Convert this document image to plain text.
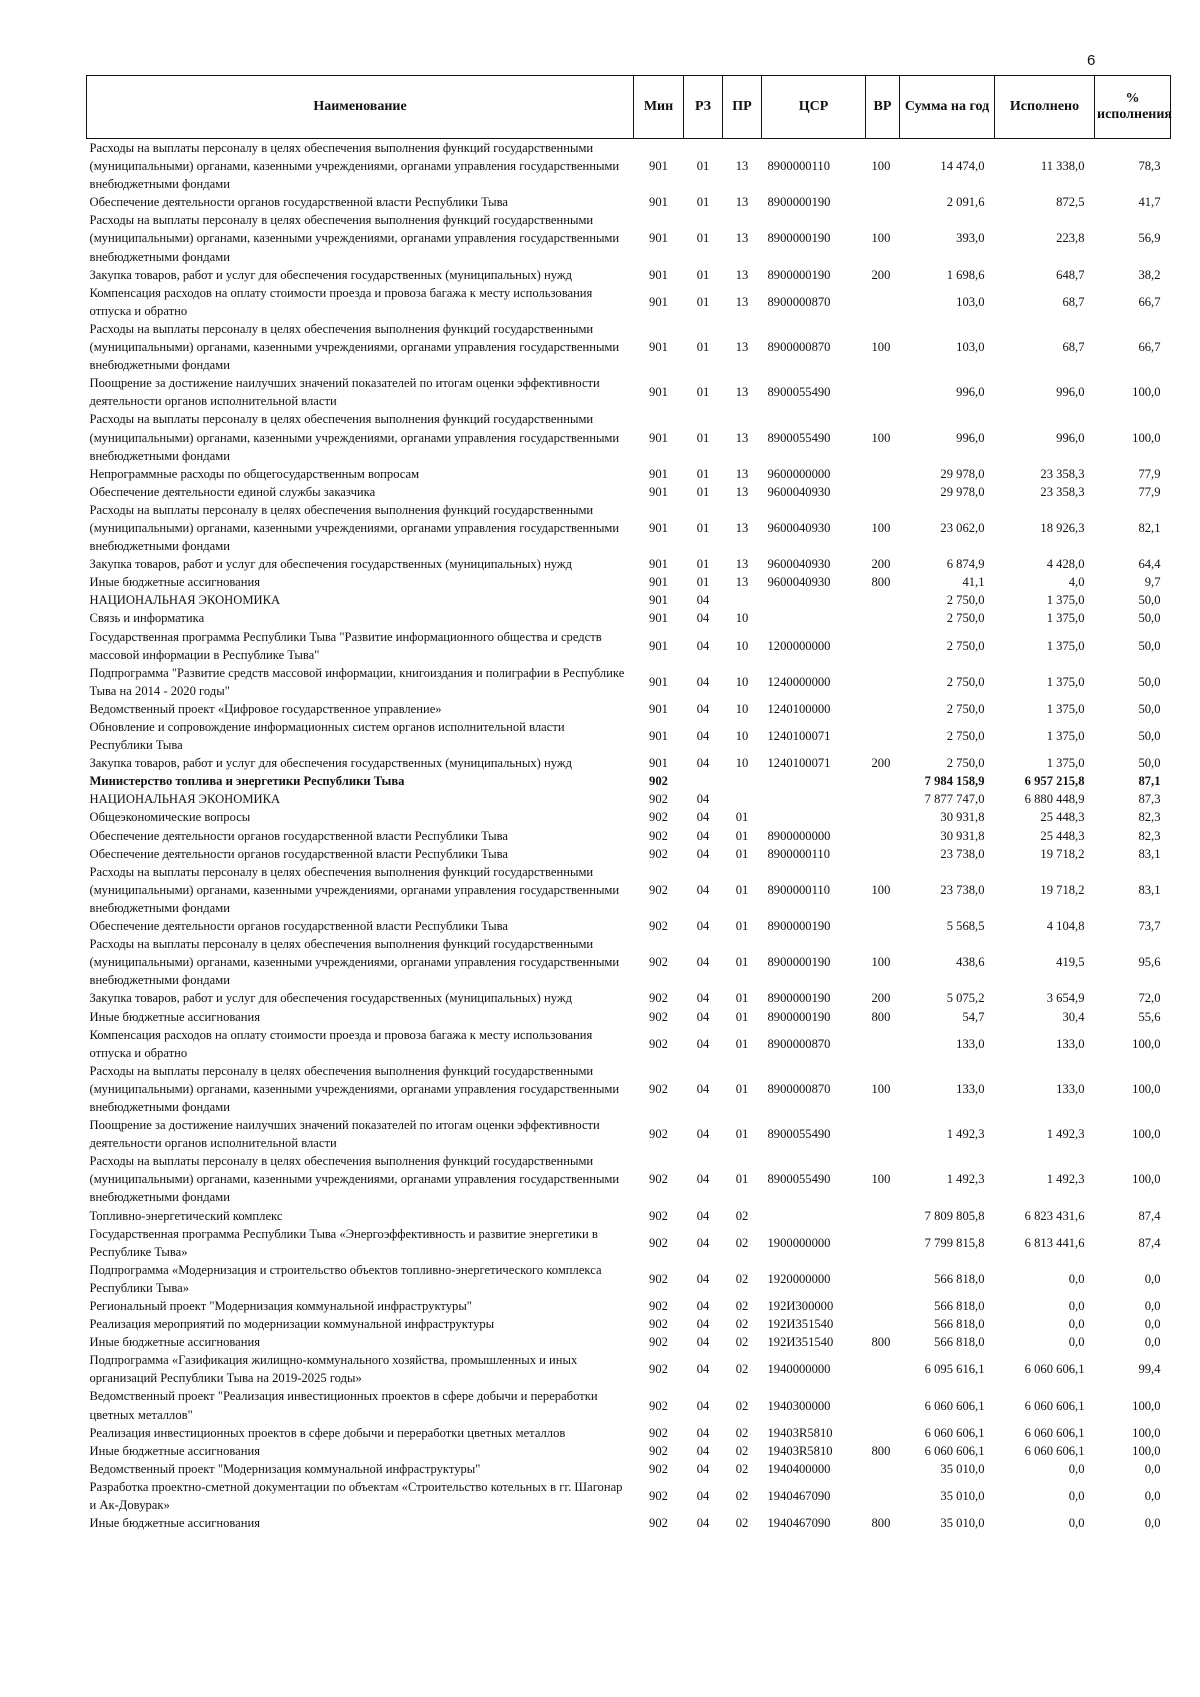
6
Наименование	Мин	РЗ	ПР	ЦСР	ВР	Сумма на год	Исполнено	% исполнения
Расходы на выплаты персоналу в целях обеспечения выполнения функций государственными (муниципальными) органами, казенными учреждениями, органами управления государственными внебюджетными фондами	901	01	13	8900000110	100	14 474,0	11 338,0	78,3
Обеспечение деятельности органов государственной власти Республики Тыва	901	01	13	8900000190		2 091,6	872,5	41,7
Расходы на выплаты персоналу в целях обеспечения выполнения функций государственными (муниципальными) органами, казенными учреждениями, органами управления государственными внебюджетными фондами	901	01	13	8900000190	100	393,0	223,8	56,9
Закупка товаров, работ и услуг для обеспечения государственных (муниципальных) нужд	901	01	13	8900000190	200	1 698,6	648,7	38,2
Компенсация расходов на оплату стоимости проезда и провоза багажа к месту использования отпуска и обратно	901	01	13	8900000870		103,0	68,7	66,7
Расходы на выплаты персоналу в целях обеспечения выполнения функций государственными (муниципальными) органами, казенными учреждениями, органами управления государственными внебюджетными фондами	901	01	13	8900000870	100	103,0	68,7	66,7
Поощрение за достижение наилучших значений показателей по итогам оценки эффективности деятельности органов исполнительной власти	901	01	13	8900055490		996,0	996,0	100,0
Расходы на выплаты персоналу в целях обеспечения выполнения функций государственными (муниципальными) органами, казенными учреждениями, органами управления государственными внебюджетными фондами	901	01	13	8900055490	100	996,0	996,0	100,0
Непрограммные расходы по общегосударственным вопросам	901	01	13	9600000000		29 978,0	23 358,3	77,9
Обеспечение деятельности единой службы заказчика	901	01	13	9600040930		29 978,0	23 358,3	77,9
Расходы на выплаты персоналу в целях обеспечения выполнения функций государственными (муниципальными) органами, казенными учреждениями, органами управления государственными внебюджетными фондами	901	01	13	9600040930	100	23 062,0	18 926,3	82,1
Закупка товаров, работ и услуг для обеспечения государственных (муниципальных) нужд	901	01	13	9600040930	200	6 874,9	4 428,0	64,4
Иные бюджетные ассигнования	901	01	13	9600040930	800	41,1	4,0	9,7
НАЦИОНАЛЬНАЯ ЭКОНОМИКА	901	04				2 750,0	1 375,0	50,0
Связь и информатика	901	04	10			2 750,0	1 375,0	50,0
Государственная программа Республики Тыва "Развитие информационного общества и средств массовой информации в Республике Тыва"	901	04	10	1200000000		2 750,0	1 375,0	50,0
Подпрограмма "Развитие средств массовой информации, книгоиздания и полиграфии в Республике Тыва на 2014 - 2020 годы"	901	04	10	1240000000		2 750,0	1 375,0	50,0
Ведомственный проект «Цифровое государственное управление»	901	04	10	1240100000		2 750,0	1 375,0	50,0
Обновление и сопровождение информационных систем органов исполнительной власти Республики Тыва	901	04	10	1240100071		2 750,0	1 375,0	50,0
Закупка товаров, работ и услуг для обеспечения государственных (муниципальных) нужд	901	04	10	1240100071	200	2 750,0	1 375,0	50,0
Министерство топлива и энергетики Республики Тыва	902					7 984 158,9	6 957 215,8	87,1
НАЦИОНАЛЬНАЯ ЭКОНОМИКА	902	04				7 877 747,0	6 880 448,9	87,3
Общеэкономические вопросы	902	04	01			30 931,8	25 448,3	82,3
Обеспечение деятельности органов государственной власти Республики Тыва	902	04	01	8900000000		30 931,8	25 448,3	82,3
Обеспечение деятельности органов государственной власти Республики Тыва	902	04	01	8900000110		23 738,0	19 718,2	83,1
Расходы на выплаты персоналу в целях обеспечения выполнения функций государственными (муниципальными) органами, казенными учреждениями, органами управления государственными внебюджетными фондами	902	04	01	8900000110	100	23 738,0	19 718,2	83,1
Обеспечение деятельности органов государственной власти Республики Тыва	902	04	01	8900000190		5 568,5	4 104,8	73,7
Расходы на выплаты персоналу в целях обеспечения выполнения функций государственными (муниципальными) органами, казенными учреждениями, органами управления государственными внебюджетными фондами	902	04	01	8900000190	100	438,6	419,5	95,6
Закупка товаров, работ и услуг для обеспечения государственных (муниципальных) нужд	902	04	01	8900000190	200	5 075,2	3 654,9	72,0
Иные бюджетные ассигнования	902	04	01	8900000190	800	54,7	30,4	55,6
Компенсация расходов на оплату стоимости проезда и провоза багажа к месту использования отпуска и обратно	902	04	01	8900000870		133,0	133,0	100,0
Расходы на выплаты персоналу в целях обеспечения выполнения функций государственными (муниципальными) органами, казенными учреждениями, органами управления государственными внебюджетными фондами	902	04	01	8900000870	100	133,0	133,0	100,0
Поощрение за достижение наилучших значений показателей по итогам оценки эффективности деятельности органов исполнительной власти	902	04	01	8900055490		1 492,3	1 492,3	100,0
Расходы на выплаты персоналу в целях обеспечения выполнения функций государственными (муниципальными) органами, казенными учреждениями, органами управления государственными внебюджетными фондами	902	04	01	8900055490	100	1 492,3	1 492,3	100,0
Топливно-энергетический комплекс	902	04	02			7 809 805,8	6 823 431,6	87,4
Государственная программа Республики Тыва «Энергоэффективность и развитие энергетики в Республике Тыва»	902	04	02	1900000000		7 799 815,8	6 813 441,6	87,4
Подпрограмма «Модернизация и строительство объектов топливно-энергетического комплекса Республики Тыва»	902	04	02	1920000000		566 818,0	0,0	0,0
Региональный проект "Модернизация коммунальной инфраструктуры"	902	04	02	192И300000		566 818,0	0,0	0,0
Реализация мероприятий по модернизации коммунальной инфраструктуры	902	04	02	192И351540		566 818,0	0,0	0,0
Иные бюджетные ассигнования	902	04	02	192И351540	800	566 818,0	0,0	0,0
Подпрограмма «Газификация жилищно-коммунального хозяйства, промышленных и иных организаций Республики Тыва на 2019-2025 годы»	902	04	02	1940000000		6 095 616,1	6 060 606,1	99,4
Ведомственный проект "Реализация инвестиционных проектов в сфере добычи и переработки цветных металлов"	902	04	02	1940300000		6 060 606,1	6 060 606,1	100,0
Реализация инвестиционных проектов в сфере добычи и переработки цветных металлов	902	04	02	19403R5810		6 060 606,1	6 060 606,1	100,0
Иные бюджетные ассигнования	902	04	02	19403R5810	800	6 060 606,1	6 060 606,1	100,0
Ведомственный проект "Модернизация коммунальной инфраструктуры"	902	04	02	1940400000		35 010,0	0,0	0,0
Разработка проектно-сметной документации по объектам «Строительство котельных в гг. Шагонар и Ак-Довурак»	902	04	02	1940467090		35 010,0	0,0	0,0
Иные бюджетные ассигнования	902	04	02	1940467090	800	35 010,0	0,0	0,0
